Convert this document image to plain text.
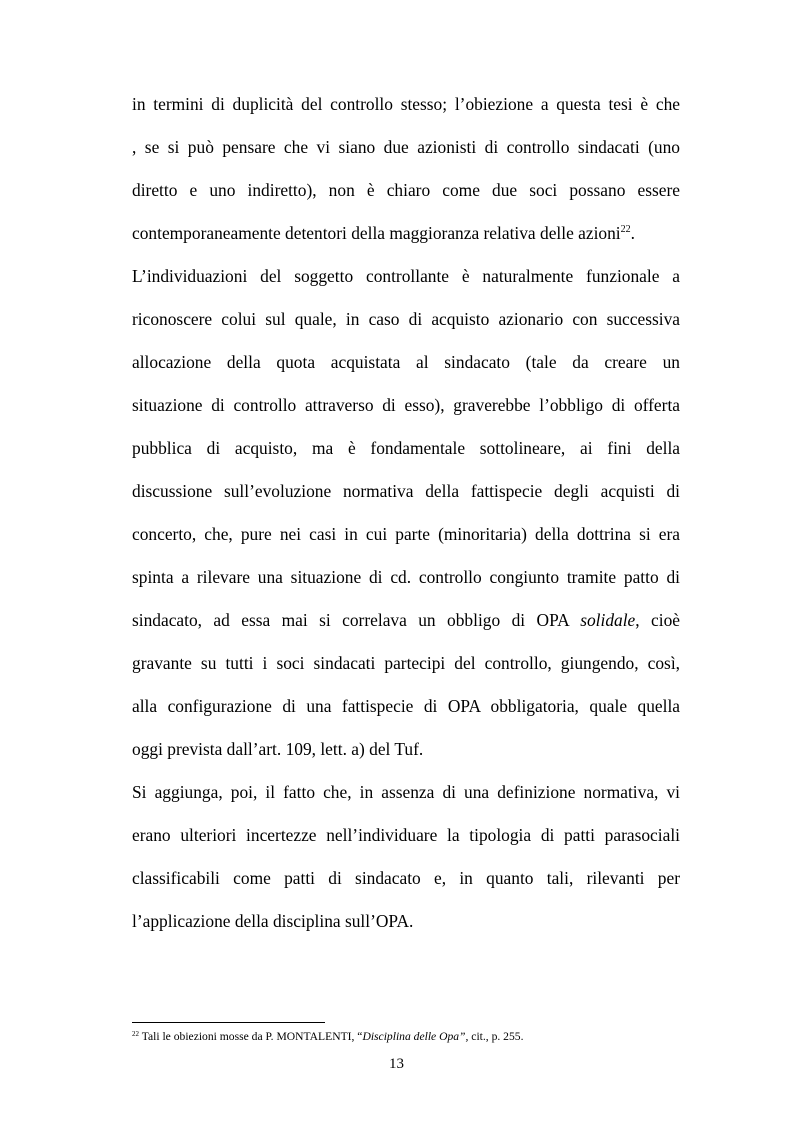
in termini di duplicità del controllo stesso; l’obiezione a questa tesi è che
, se si può pensare che vi siano due azionisti di controllo sindacati (uno
diretto e uno indiretto), non è chiaro come due soci possano essere
contemporaneamente detentori della maggioranza relativa delle azioni$^{22}$.
L’individuazioni del soggetto controllante è naturalmente funzionale a
riconoscere colui sul quale, in caso di acquisto azionario con successiva
allocazione della quota acquistata al sindacato (tale da creare un
situazione di controllo attraverso di esso), graverebbe l’obbligo di offerta
pubblica di acquisto, ma è fondamentale sottolineare, ai fini della
discussione sull’evoluzione normativa della fattispecie degli acquisti di
concerto, che, pure nei casi in cui parte (minoritaria) della dottrina si era
spinta a rilevare una situazione di cd. controllo congiunto tramite patto di
sindacato, ad essa mai si correlava un obbligo di OPA solidale, cioè
gravante su tutti i soci sindacati partecipi del controllo, giungendo, così,
alla configurazione di una fattispecie di OPA obbligatoria, quale quella
oggi prevista dall’art. 109, lett. a) del Tuf.
Si aggiunga, poi, il fatto che, in assenza di una definizione normativa, vi
erano ulteriori incertezze nell’individuare la tipologia di patti parasociali
classificabili come patti di sindacato e, in quanto tali, rilevanti per
l’applicazione della disciplina sull’OPA.
$^{22}$ Tali le obiezioni mosse da P. MONTALENTI, “Disciplina delle Opa”, cit., p. 255.
13
